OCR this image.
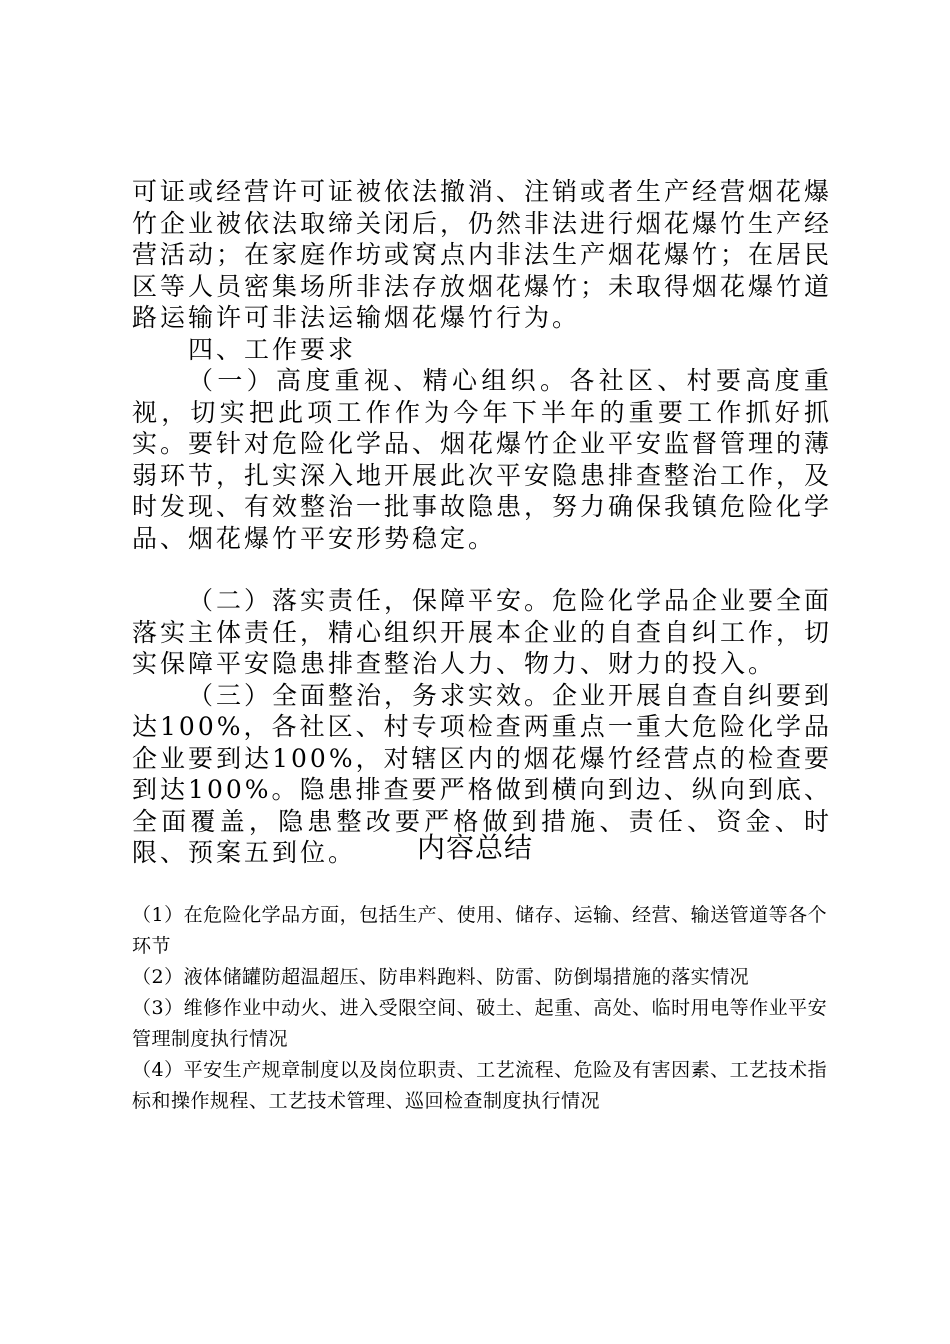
可证或经营许可证被依法撤消、注销或者生产经营烟花爆竹企业被依法取缔关闭后，仍然非法进行烟花爆竹生产经营活动；在家庭作坊或窝点内非法生产烟花爆竹；在居民区等人员密集场所非法存放烟花爆竹；未取得烟花爆竹道路运输许可非法运输烟花爆竹行为。

四、工作要求

（一）高度重视、精心组织。各社区、村要高度重视，切实把此项工作作为今年下半年的重要工作抓好抓实。要针对危险化学品、烟花爆竹企业平安监督管理的薄弱环节，扎实深入地开展此次平安隐患排查整治工作，及时发现、有效整治一批事故隐患，努力确保我镇危险化学品、烟花爆竹平安形势稳定。

（二）落实责任，保障平安。危险化学品企业要全面落实主体责任，精心组织开展本企业的自查自纠工作，切实保障平安隐患排查整治人力、物力、财力的投入。

（三）全面整治，务求实效。企业开展自查自纠要到达100%，各社区、村专项检查两重点一重大危险化学品企业要到达100%，对辖区内的烟花爆竹经营点的检查要到达100%。隐患排查要严格做到横向到边、纵向到底、全面覆盖，隐患整改要严格做到措施、责任、资金、时限、预案五到位。	内容总结

（1）在危险化学品方面，包括生产、使用、储存、运输、经营、输送管道等各个环节

（2）液体储罐防超温超压、防串料跑料、防雷、防倒塌措施的落实情况

（3）维修作业中动火、进入受限空间、破土、起重、高处、临时用电等作业平安管理制度执行情况

（4）平安生产规章制度以及岗位职责、工艺流程、危险及有害因素、工艺技术指标和操作规程、工艺技术管理、巡回检查制度执行情况
